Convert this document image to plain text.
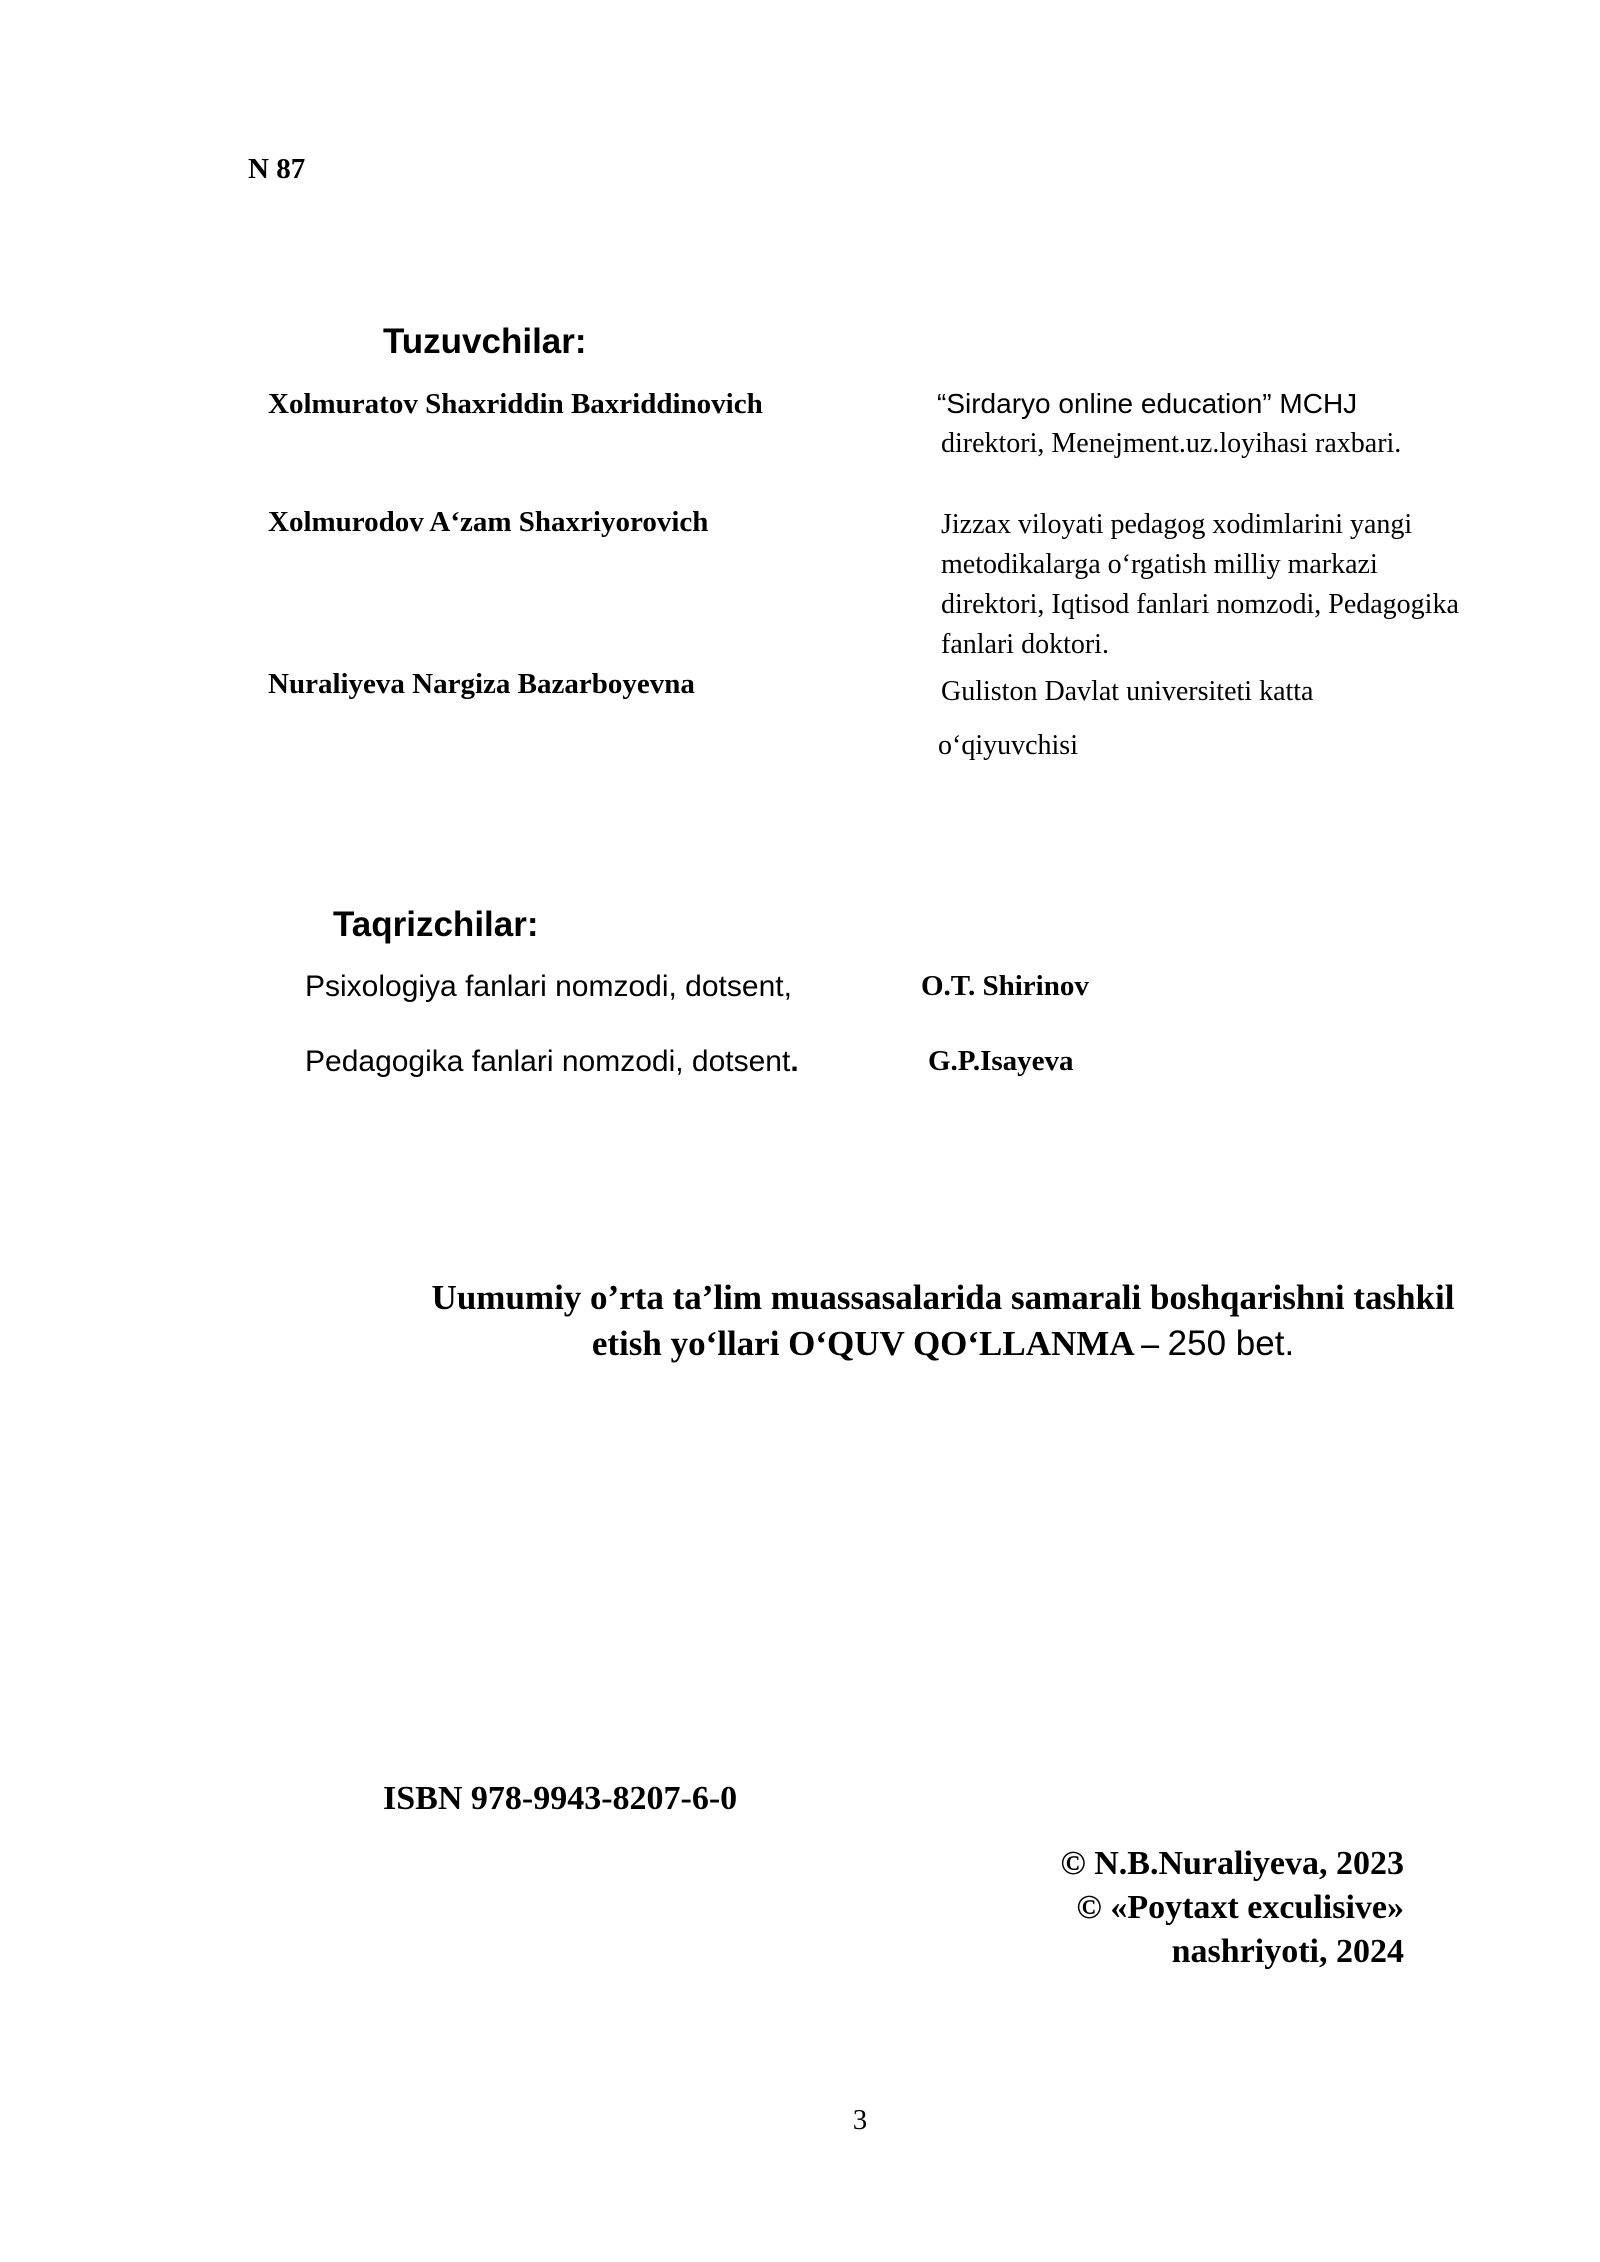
N 87
Tuzuvchilar:
Xolmuratov Shaxriddin Baxriddinovich	“Sirdaryo online education” MCHJ
direktori, Menejment.uz.loyihasi raxbari.
Xolmurodov A‘zam Shaxriyorovich	Jizzax viloyati pedagog xodimlarini yangi
metodikalarga o‘rgatish milliy markazi
direktori, Iqtisod fanlari nomzodi, Pedagogika
fanlari doktori.
Nuraliyeva Nargiza Bazarboyevna	Guliston Davlat universiteti katta
o‘qiyuvchisi
Taqrizchilar:
Psixologiya fanlari nomzodi, dotsent,	O.T. Shirinov
Pedagogika fanlari nomzodi, dotsent.	G.P.Isayeva
Uumumiy o’rta ta’lim muassasalarida samarali boshqarishni tashkil
etish yo‘llari O‘QUV QO‘LLANMA – 250 bet.
ISBN 978-9943-8207-6-0
© N.B.Nuraliyeva, 2023
© «Poytaxt exculisive»
nashriyoti, 2024
3
